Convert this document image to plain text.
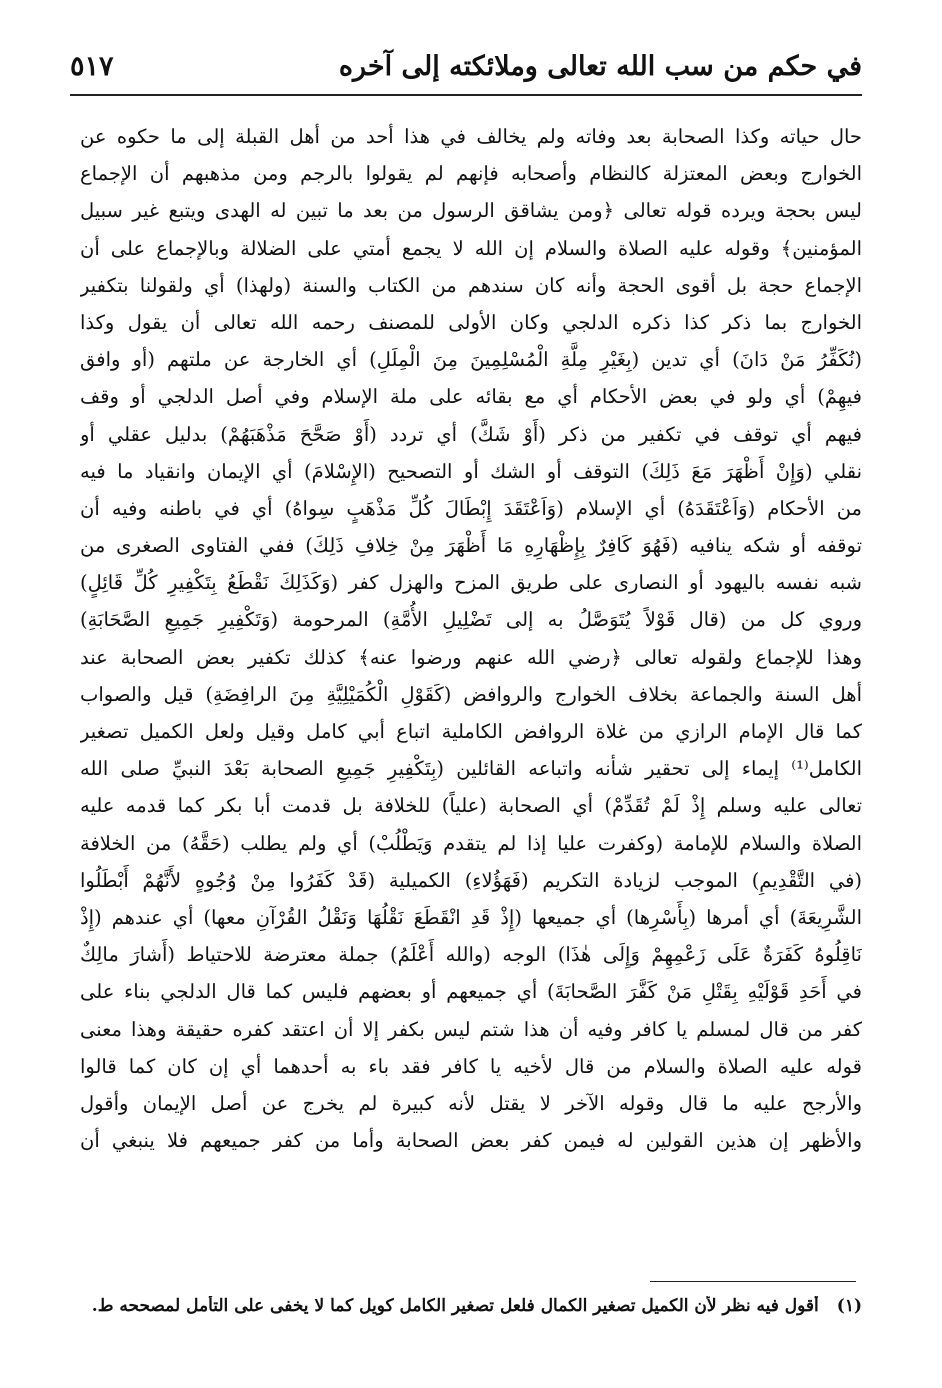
في حكم من سب الله تعالى وملائكته إلى آخره
٥١٧
حال حياته وكذا الصحابة بعد وفاته ولم يخالف في هذا أحد من أهل القبلة إلى ما حكوه عن
الخوارج وبعض المعتزلة كالنظام وأصحابه فإنهم لم يقولوا بالرجم ومن مذهبهم أن الإجماع
ليس بحجة ويرده قوله تعالى ﴿ومن يشاقق الرسول من بعد ما تبين له الهدى ويتبع غير سبيل
المؤمنين﴾ وقوله عليه الصلاة والسلام إن الله لا يجمع أمتي على الضلالة وبالإجماع على أن
الإجماع حجة بل أقوى الحجة وأنه كان سندهم من الكتاب والسنة (ولهذا) أي ولقولنا بتكفير
الخوارج بما ذكر كذا ذكره الدلجي وكان الأولى للمصنف رحمه الله تعالى أن يقول وكذا
(نُكَفِّرُ مَنْ دَانَ) أي تدين (بِغَيْرِ مِلَّةِ الْمُسْلِمِينَ مِنَ الْمِلَلِ) أي الخارجة عن ملتهم (أو وافق
فيهِمْ) أي ولو في بعض الأحكام أي مع بقائه على ملة الإسلام وفي أصل الدلجي أو وقف
فيهم أي توقف في تكفير من ذكر (أَوْ شَكَّ) أي تردد (أَوْ صَحَّحَ مَذْهَبَهُمْ) بدليل عقلي أو
نقلي (وَإِنْ أَظْهَرَ مَعَ ذَلِكَ) التوقف أو الشك أو التصحيح (الإِسْلامَ) أي الإيمان وانقياد ما فيه
من الأحكام (وَاَعْتَقَدَهُ) أي الإسلام (وَاَعْتَقَدَ إِبْطَالَ كُلِّ مَذْهَبٍ سِواهُ) أي في باطنه وفيه أن
توقفه أو شكه ينافيه (فَهُوَ كَافِرٌ بِإِظْهَارِهِ مَا أَظْهَرَ مِنْ خِلافِ ذَلِكَ) ففي الفتاوى الصغرى من
شبه نفسه باليهود أو النصارى على طريق المزح والهزل كفر (وَكَذَلِكَ نَقْطَعُ بِتَكْفِيرِ كُلِّ قَائِلٍ)
وروي كل من (قال قَوْلاً يُتَوَصَّلُ به إلى تَضْلِيلِ الأُمَّةِ) المرحومة (وَتَكْفِيرِ جَمِيعِ الصَّحَابَةِ)
وهذا للإجماع ولقوله تعالى ﴿رضي الله عنهم ورضوا عنه﴾ كذلك تكفير بعض الصحابة عند
أهل السنة والجماعة بخلاف الخوارج والروافض (كَقَوْلِ الْكُمَيْلِيَّةِ مِنَ الرافِضَةِ) قيل والصواب
كما قال الإمام الرازي من غلاة الروافض الكاملية اتباع أبي كامل وقيل ولعل الكميل تصغير
الكامل⁽¹⁾ إيماء إلى تحقير شأنه واتباعه القائلين (بِتَكْفِيرِ جَمِيعِ الصحابة بَعْدَ النبيِّ صلى الله
تعالى عليه وسلم إِذْ لَمْ تُقَدِّمْ) أي الصحابة (علياً) للخلافة بل قدمت أبا بكر كما قدمه عليه
الصلاة والسلام للإمامة (وكفرت عليا إذا لم يتقدم وَيَطْلُبْ) أي ولم يطلب (حَقَّهُ) من الخلافة
(في التَّقْدِيمِ) الموجب لزيادة التكريم (فَهَؤُلاءِ) الكميلية (قَدْ كَفَرُوا مِنْ وُجُوهٍ لأَنَّهُمْ أَبْطَلُوا
الشَّرِيعَةَ) أي أمرها (بِأَسْرِها) أي جميعها (إِذْ قَدِ انْقَطَعَ نَقْلُهَا وَنَقْلُ القُرْآنِ معها) أي عندهم (إِذْ
نَاقِلُوهُ كَفَرَةٌ عَلَى زَعْمِهِمْ وَإِلَى هٰذَا) الوجه (والله أَعْلَمُ) جملة معترضة للاحتياط (أَشارَ مالِكٌ
في أَحَدِ قَوْلَيْهِ بِقَتْلِ مَنْ كَفَّرَ الصَّحابَةَ) أي جميعهم أو بعضهم فليس كما قال الدلجي بناء على
كفر من قال لمسلم يا كافر وفيه أن هذا شتم ليس بكفر إلا أن اعتقد كفره حقيقة وهذا معنى
قوله عليه الصلاة والسلام من قال لأخيه يا كافر فقد باء به أحدهما أي إن كان كما قالوا
والأرجح عليه ما قال وقوله الآخر لا يقتل لأنه كبيرة لم يخرج عن أصل الإيمان وأقول
والأظهر إن هذين القولين له فيمن كفر بعض الصحابة وأما من كفر جميعهم فلا ينبغي أن
(١)
أقول فيه نظر لأن الكميل تصغير الكمال فلعل تصغير الكامل كويل كما لا يخفى على التأمل لمصححه ط.
